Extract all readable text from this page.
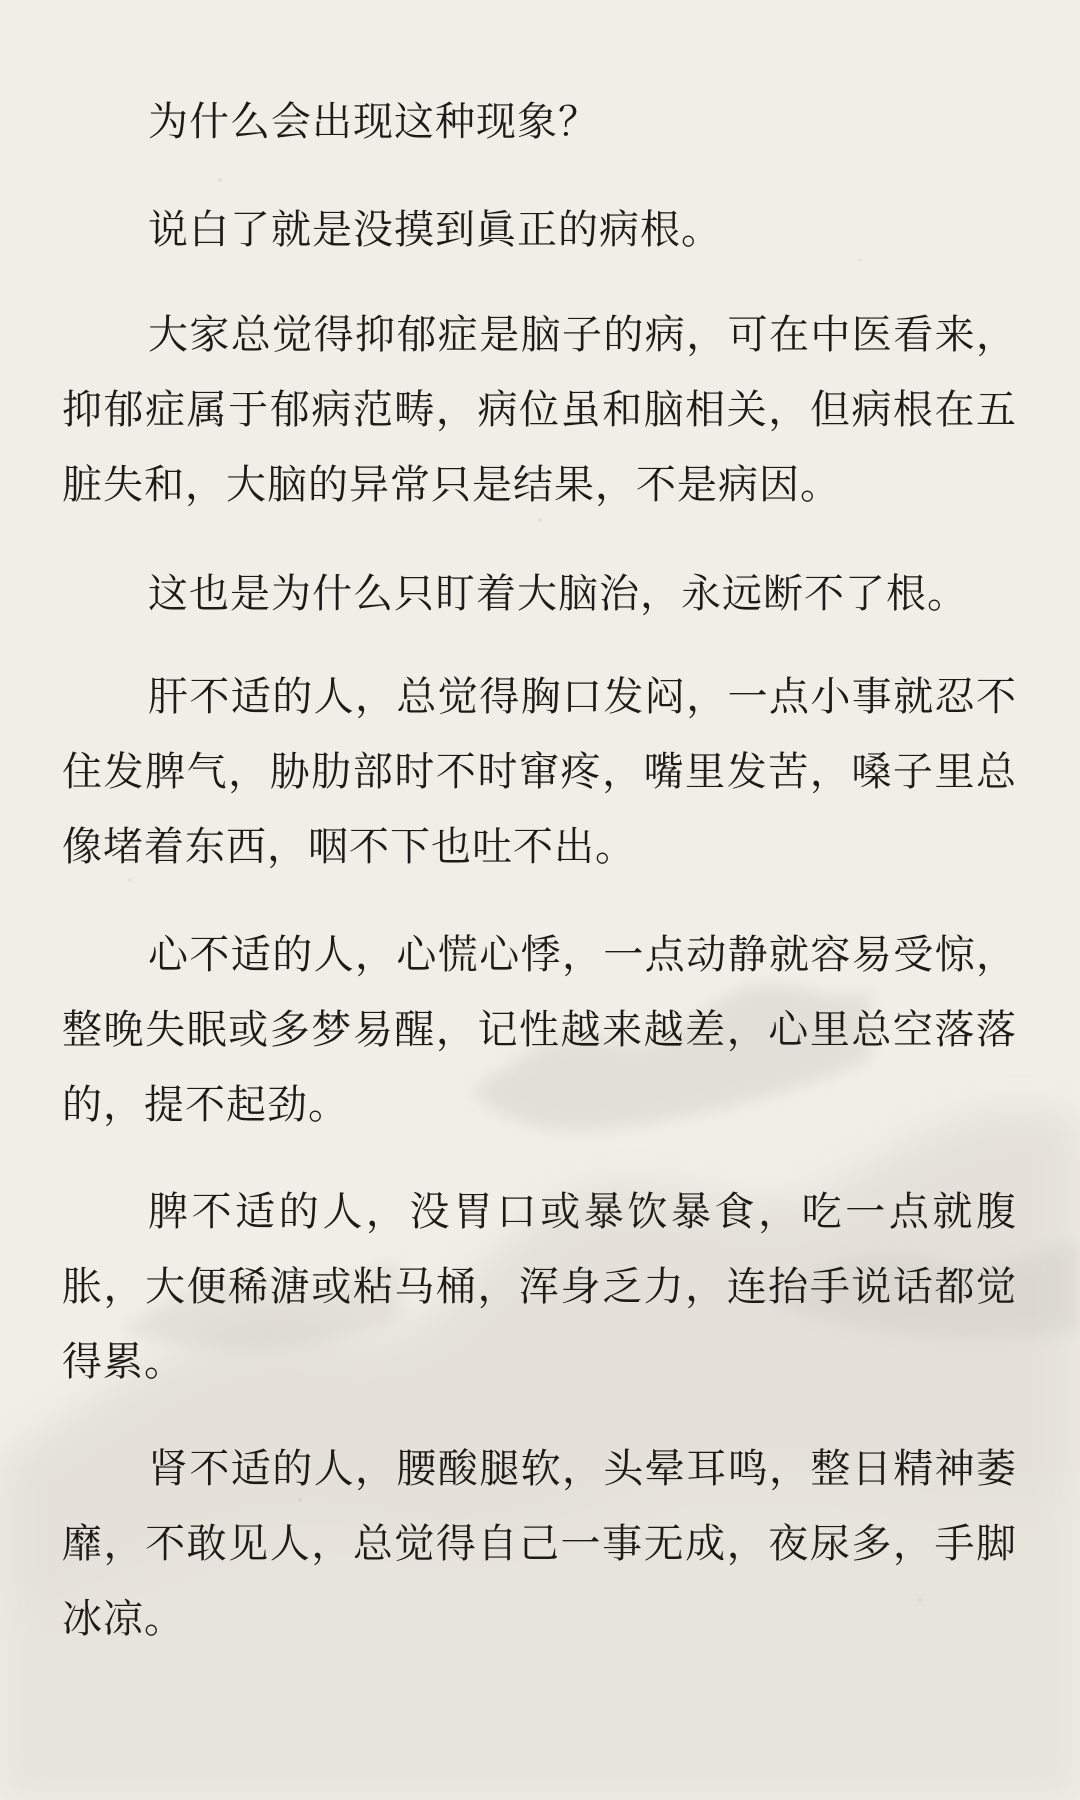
为什么会出现这种现象？

说白了就是没摸到眞正的病根。

大家总觉得抑郁症是脑子的病，可在中医看来，抑郁症属于郁病范畴，病位虽和脑相关，但病根在五脏失和，大脑的异常只是结果，不是病因。

这也是为什么只盯着大脑治，永远断不了根。

肝不适的人，总觉得胸口发闷，一点小事就忍不住发脾气，胁肋部时不时窜疼，嘴里发苦，嗓子里总像堵着东西，咽不下也吐不出。

心不适的人，心慌心悸，一点动静就容易受惊，整晚失眠或多梦易醒，记性越来越差，心里总空落落的，提不起劲。

脾不适的人，没胃口或暴饮暴食，吃一点就腹胀，大便稀溏或粘马桶，浑身乏力，连抬手说话都觉得累。

肾不适的人，腰酸腿软，头晕耳鸣，整日精神萎靡，不敢见人，总觉得自己一事无成，夜尿多，手脚冰凉。
